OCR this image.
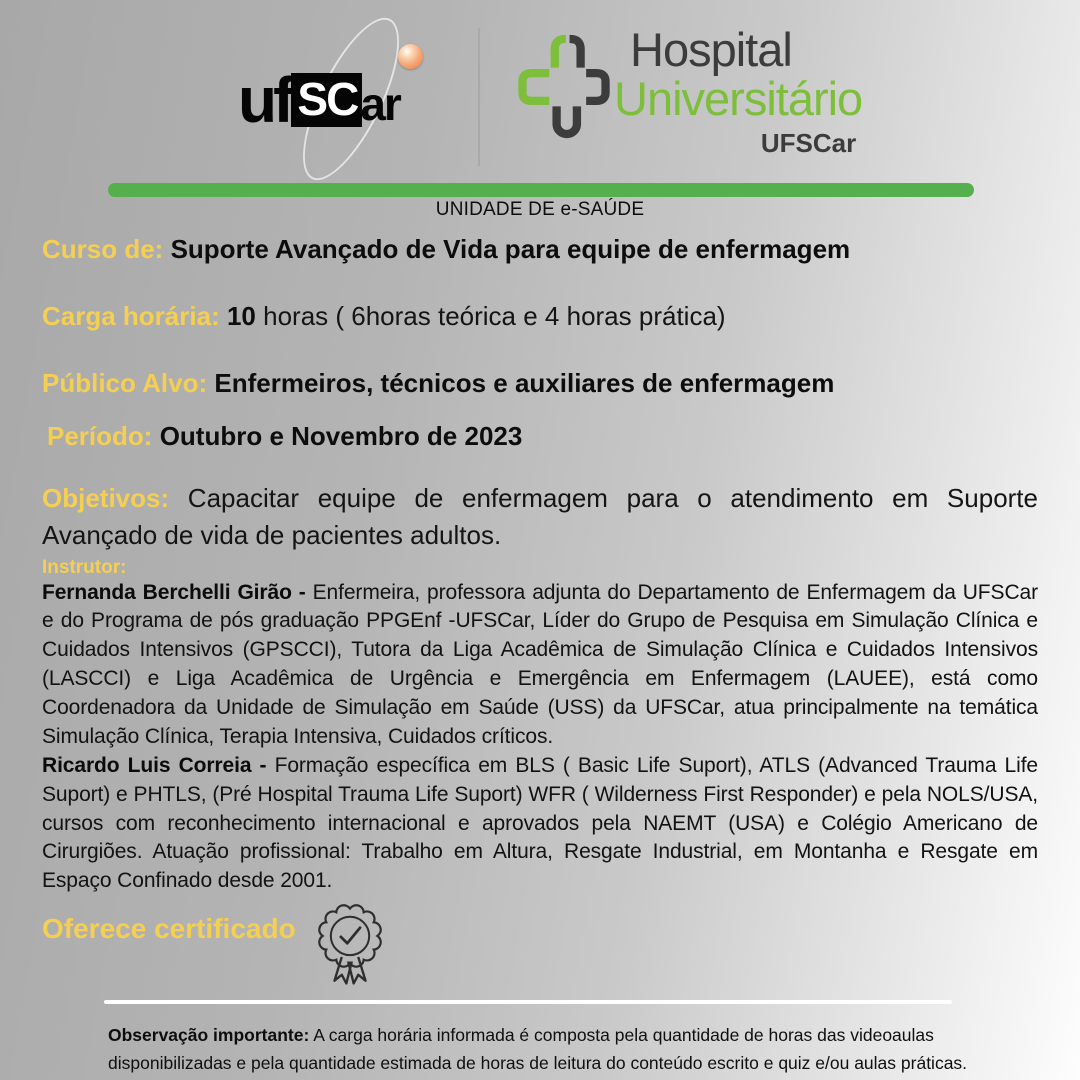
uf SC ar
Hospital
Universitário
UFSCar
UNIDADE DE e-SAÚDE

Curso de: Suporte Avançado de Vida para equipe de enfermagem

Carga horária: 10 horas ( 6horas teórica e 4 horas prática)

Público Alvo: Enfermeiros, técnicos e auxiliares de enfermagem

Período: Outubro e Novembro de 2023

Objetivos: Capacitar equipe de enfermagem para o atendimento em Suporte Avançado de vida de pacientes adultos.

Instrutor:

Fernanda Berchelli Girão - Enfermeira, professora adjunta do Departamento de Enfermagem da UFSCar e do Programa de pós graduação PPGEnf -UFSCar, Líder do Grupo de Pesquisa em Simulação Clínica e Cuidados Intensivos (GPSCCI), Tutora da Liga Acadêmica de Simulação Clínica e Cuidados Intensivos (LASCCI) e Liga Acadêmica de Urgência e Emergência em Enfermagem (LAUEE), está como Coordenadora da Unidade de Simulação em Saúde (USS) da UFSCar, atua principalmente na temática Simulação Clínica, Terapia Intensiva, Cuidados críticos.

Ricardo Luis Correia - Formação específica em BLS ( Basic Life Suport), ATLS (Advanced Trauma Life Suport) e PHTLS, (Pré Hospital Trauma Life Suport) WFR ( Wilderness First Responder) e pela NOLS/USA, cursos com reconhecimento internacional e aprovados pela NAEMT (USA) e Colégio Americano de Cirurgiões. Atuação profissional: Trabalho em Altura, Resgate Industrial, em Montanha e Resgate em Espaço Confinado desde 2001.

Oferece certificado

Observação importante: A carga horária informada é composta pela quantidade de horas das videoaulas disponibilizadas e pela quantidade estimada de horas de leitura do conteúdo escrito e quiz e/ou aulas práticas.
